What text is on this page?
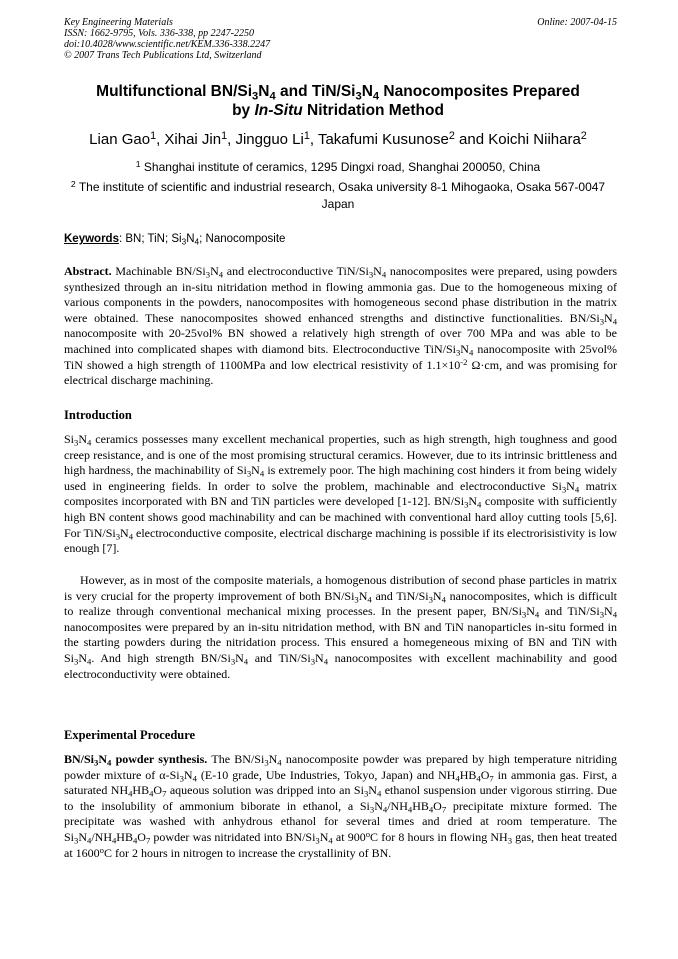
Key Engineering Materials
ISSN: 1662-9795, Vols. 336-338, pp 2247-2250
doi:10.4028/www.scientific.net/KEM.336-338.2247
© 2007 Trans Tech Publications Ltd, Switzerland
Online: 2007-04-15
Multifunctional $BN/Si_3N_4$ and TiN/$Si_3N_4$ Nanocomposites Prepared
by In-Situ Nitridation Method
Lian Gao$^1$, Xihai Jin$^1$, Jingguo Li$^1$, Takafumi Kusunose$^2$ and Koichi Niihara$^2$
$^1$ Shanghai institute of ceramics, 1295 Dingxi road, Shanghai 200050, China
$^2$ The institute of scientific and industrial research, Osaka university 8-1 Mihogaoka, Osaka 567-0047 Japan
Keywords: BN; TiN; $Si_3N_4$; Nanocomposite
Abstract. Machinable $BN/Si_3N_4$ and electroconductive TiN/$Si_3N_4$ nanocomposites were prepared, using powders synthesized through an in-situ nitridation method in flowing ammonia gas. Due to the homogeneous mixing of various components in the powders, nanocomposites with homogeneous second phase distribution in the matrix were obtained. These nanocomposites showed enhanced strengths and distinctive functionalities. $BN/Si_3N_4$ nanocomposite with 20-25vol% BN showed a relatively high strength of over 700 MPa and was able to be machined into complicated shapes with diamond bits. Electroconductive TiN/$Si_3N_4$ nanocomposite with 25vol% TiN showed a high strength of 1100MPa and low electrical resistivity of $1.1\times 10^{-2}$ Ω·cm, and was promising for electrical discharge machining.
Introduction
$Si_3N_4$ ceramics possesses many excellent mechanical properties, such as high strength, high toughness and good creep resistance, and is one of the most promising structural ceramics. However, due to its intrinsic brittleness and high hardness, the machinability of $Si_3N_4$ is extremely poor. The high machining cost hinders it from being widely used in engineering fields. In order to solve the problem, machinable and electroconductive $Si_3N_4$ matrix composites incorporated with BN and TiN particles were developed [1-12]. $BN/Si_3N_4$ composite with sufficiently high BN content shows good machinability and can be machined with conventional hard alloy cutting tools [5,6]. For TiN/$Si_3N_4$ electroconductive composite, electrical discharge machining is possible if its electrorisistivity is low enough [7].
However, as in most of the composite materials, a homogenous distribution of second phase particles in matrix is very crucial for the property improvement of both $BN/Si_3N_4$ and TiN/$Si_3N_4$ nanocomposites, which is difficult to realize through conventional mechanical mixing processes. In the present paper, $BN/Si_3N_4$ and TiN/$Si_3N_4$ nanocomposites were prepared by an in-situ nitridation method, with BN and TiN nanoparticles in-situ formed in the starting powders during the nitridation process. This ensured a homegeneous mixing of BN and TiN with $Si_3N_4$. And high strength $BN/Si_3N_4$ and TiN/$Si_3N_4$ nanocomposites with excellent machinability and good electroconductivity were obtained.
Experimental Procedure
$BN/Si_3N_4$ powder synthesis. The $BN/Si_3N_4$ nanocomposite powder was prepared by high temperature nitriding powder mixture of $\alpha-Si_3N_4$ (E-10 grade, Ube Industries, Tokyo, Japan) and $NH_4HB_4O_7$ in ammonia gas. First, a saturated $NH_4HB_4O_7$ aqueous solution was dripped into an $Si_3N_4$ ethanol suspension under vigorous stirring. Due to the insolubility of ammonium biborate in ethanol, a $Si_3N_4/NH_4HB_4O_7$ precipitate mixture formed. The precipitate was washed with anhydrous ethanol for several times and dried at room temperature. The $Si_3N_4/NH_4HB_4O_7$ powder was nitridated into $BN/Si_3N_4$ at 900$^o$C for 8 hours in flowing $NH_3$ gas, then heat treated at 1600$^o$C for 2 hours in nitrogen to increase the crystallinity of BN.
